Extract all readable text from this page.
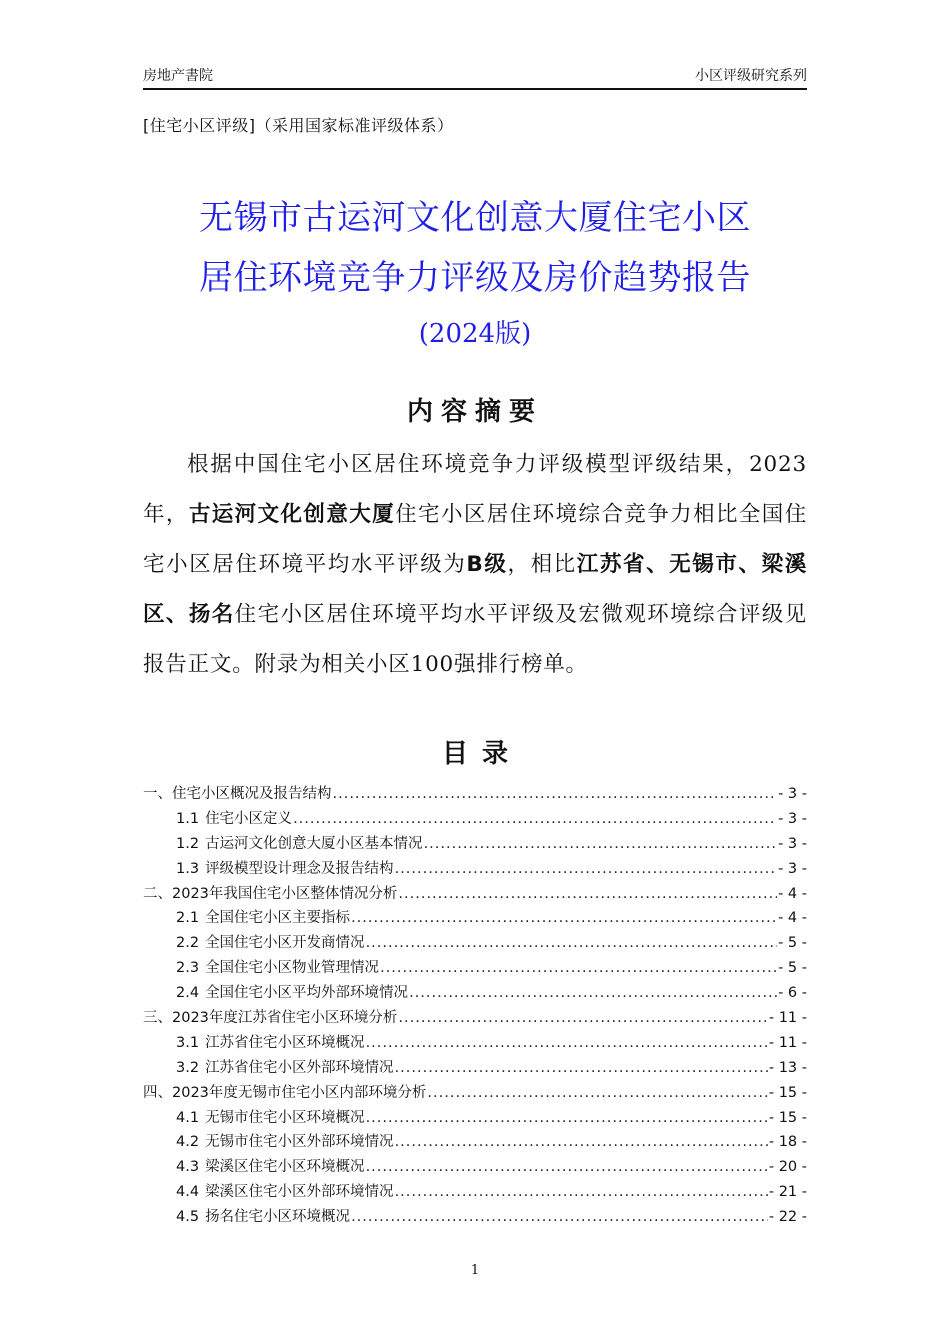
房地产書院	小区评级研究系列
[住宅小区评级]（采用国家标准评级体系）
无锡市古运河文化创意大厦住宅小区
居住环境竞争力评级及房价趋势报告
(2024版)
内容摘要
根据中国住宅小区居住环境竞争力评级模型评级结果，2023年，古运河文化创意大厦住宅小区居住环境综合竞争力相比全国住宅小区居住环境平均水平评级为B级，相比江苏省、无锡市、梁溪区、扬名住宅小区居住环境平均水平评级及宏微观环境综合评级见报告正文。附录为相关小区100强排行榜单。
目录
一、 住宅小区概况及报告结构 .....	- 3 -
1.1 住宅小区定义 .....	- 3 -
1.2 古运河文化创意大厦小区基本情况 .....	- 3 -
1.3 评级模型设计理念及报告结构 .....	- 3 -
二、 2023年我国住宅小区整体情况分析 .....	- 4 -
2.1 全国住宅小区主要指标 .....	- 4 -
2.2 全国住宅小区开发商情况 .....	- 5 -
2.3 全国住宅小区物业管理情况 .....	- 5 -
2.4 全国住宅小区平均外部环境情况 .....	- 6 -
三、 2023年度江苏省住宅小区环境分析 .....	- 11 -
3.1 江苏省住宅小区环境概况 .....	- 11 -
3.2 江苏省住宅小区外部环境情况 .....	- 13 -
四、 2023年度无锡市住宅小区内部环境分析 .....	- 15 -
4.1 无锡市住宅小区环境概况 .....	- 15 -
4.2 无锡市住宅小区外部环境情况 .....	- 18 -
4.3 梁溪区住宅小区环境概况 .....	- 20 -
4.4 梁溪区住宅小区外部环境情况 .....	- 21 -
4.5 扬名住宅小区环境概况 .....	- 22 -
1
